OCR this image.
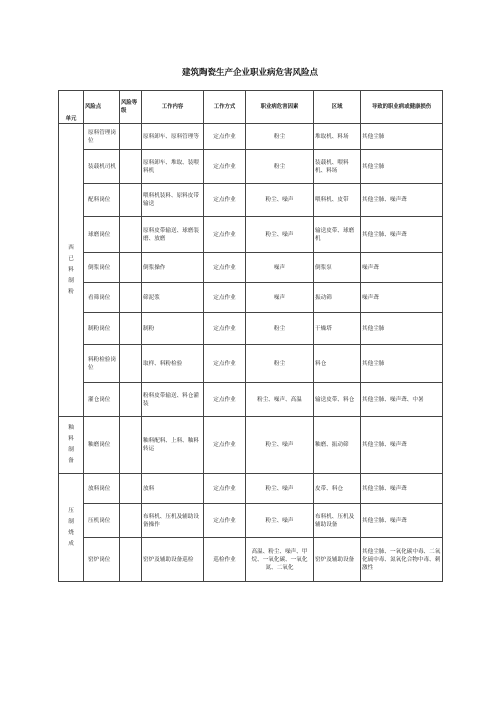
建筑陶瓷生产企业职业病危害风险点
单元	风险点	风险等级	工作内容	工作方式	职业病危害因素	区域	导致的职业病或健康损伤

西已料制粉	原料管理岗位		原料卸车、原料管理等	定点作业	粉尘	堆取机、料场	其他尘肺
	装载机司机		原料卸车、堆取、装喂料机	定点作业	粉尘	装载机、喂料机、料场	其他尘肺
	配料岗位		喂料机装料、原料皮带输送	定点作业	粉尘、噪声	喂料机、皮带	其他尘肺、噪声聋
	球磨岗位		原料皮带输送、球磨装磨、放磨	定点作业	粉尘、噪声	输送皮带、球磨机	其他尘肺、噪声聋
	倒浆岗位		倒浆操作	定点作业	噪声	倒浆泵	噪声聋
	看筛岗位		筛泥浆	定点作业	噪声	振动筛	噪声聋
	制粉岗位		制粉	定点作业	粉尘	干燥塔	其他尘肺
	料粉检验岗位		取样、料粉检验	定点作业	粉尘	料仓	其他尘肺
	灌仓岗位		粉料皮带输送、料仓灌装	定点作业	粉尘、噪声、高温	输送皮带、料仓	其他尘肺、噪声聋、中暑

釉料制备	釉磨岗位		釉料配料、上料、釉料转运	定点作业	粉尘、噪声	釉磨、振动筛	其他尘肺、噪声聋

压制烧成	放料岗位		放料	定点作业	粉尘、噪声	皮带、料仓	其他尘肺、噪声聋
	压机岗位		布料机、压机及辅助设备操作	定点作业	粉尘、噪声	布料机、压机及辅助设备	其他尘肺、噪声聋
	窑炉岗位		窑炉及辅助设备巡检	巡检作业	高温、粉尘、噪声、甲烷、一氧化碳、一氧化氮、二氧化	窑炉及辅助设备	其他尘肺、一氧化碳中毒、二氧化硫中毒、氮氧化合物中毒、刺激性
